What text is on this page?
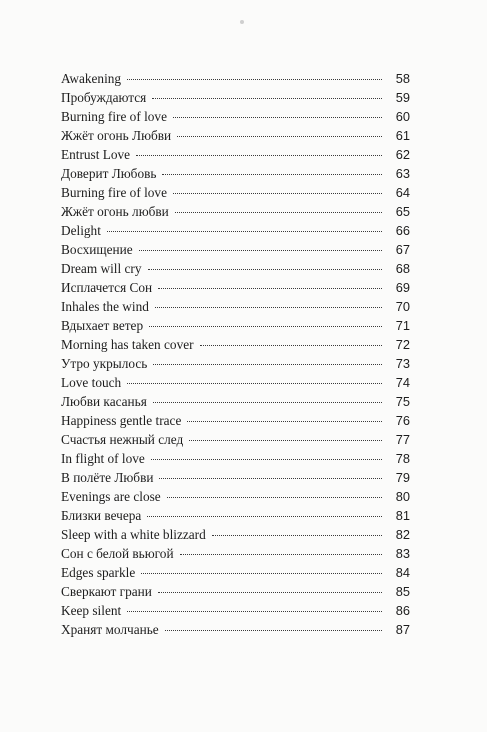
Awakening	58
Пробуждаются	59
Burning fire of love	60
Жжёт огонь Любви	61
Entrust Love	62
Доверит Любовь	63
Burning fire of love	64
Жжёт огонь любви	65
Delight	66
Восхищение	67
Dream will cry	68
Исплачется Сон	69
Inhales the wind	70
Вдыхает ветер	71
Morning has taken cover	72
Утро укрылось	73
Love touch	74
Любви касанья	75
Happiness gentle trace	76
Счастья нежный след	77
In flight of love	78
В полёте Любви	79
Evenings are close	80
Близки вечера	81
Sleep with a white blizzard	82
Сон с белой вьюгой	83
Edges sparkle	84
Сверкают грани	85
Keep silent	86
Хранят молчанье	87
